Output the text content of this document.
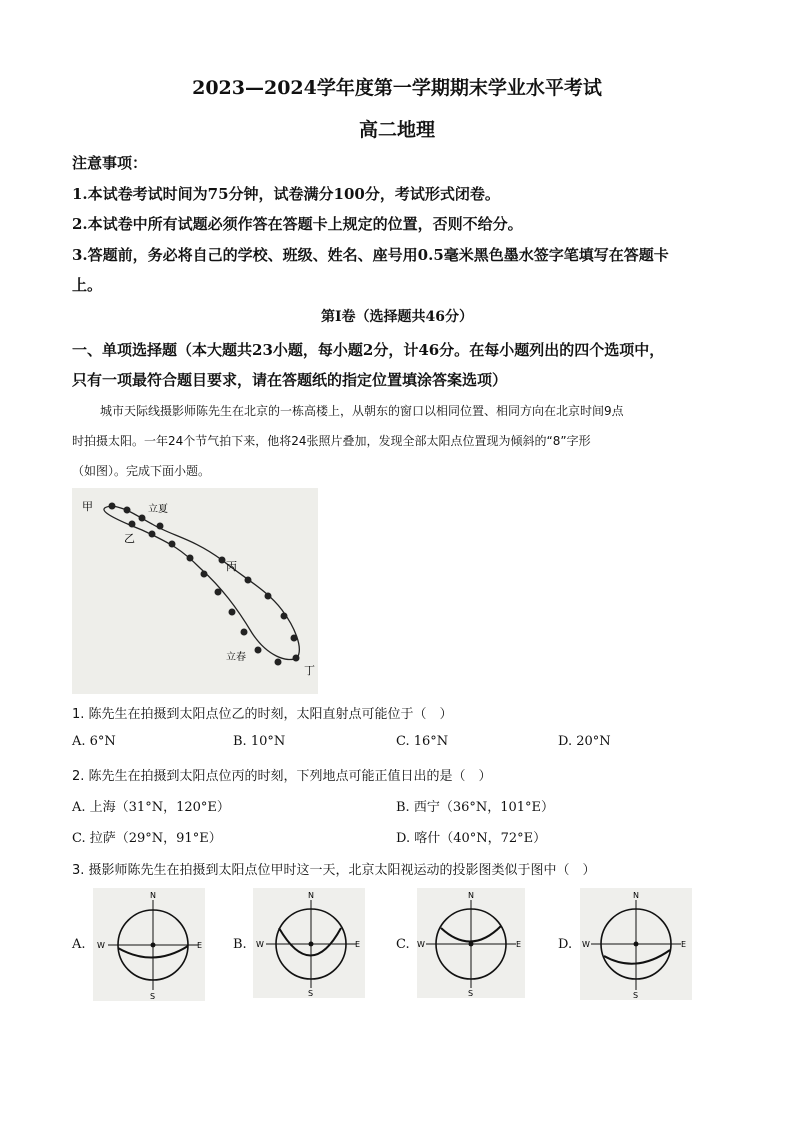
2023—2024学年度第一学期期末学业水平考试
高二地理
注意事项：
1.本试卷考试时间为75分钟，试卷满分100分，考试形式闭卷。
2.本试卷中所有试题必须作答在答题卡上规定的位置，否则不给分。
3.答题前，务必将自己的学校、班级、姓名、座号用0.5毫米黑色墨水签字笔填写在答题卡
上。
第Ⅰ卷（选择题共46分）
一、单项选择题（本大题共23小题，每小题2分，计46分。在每小题列出的四个选项中，
只有一项最符合题目要求，请在答题纸的指定位置填涂答案选项）
城市天际线摄影师陈先生在北京的一栋高楼上，从朝东的窗口以相同位置、相同方向在北京时间9点
时拍摄太阳。一年24个节气拍下来，他将24张照片叠加，发现全部太阳点位置现为倾斜的“8”字形
（如图）。完成下面小题。
甲
乙
丙
丁
立夏
立春
1. 陈先生在拍摄到太阳点位乙的时刻，太阳直射点可能位于（　）
A. 6°N	B. 10°N	C. 16°N	D. 20°N
2. 陈先生在拍摄到太阳点位丙的时刻，下列地点可能正值日出的是（　）
A. 上海（31°N，120°E）	B. 西宁（36°N，101°E）
C. 拉萨（29°N，91°E）	D. 喀什（40°N，72°E）
3. 摄影师陈先生在拍摄到太阳点位甲时这一天，北京太阳视运动的投影图类似于图中（　）
A.
N
S
W	E B.
N
S
W	E	C.
N
S
W	E	D.
N
S
W	E
